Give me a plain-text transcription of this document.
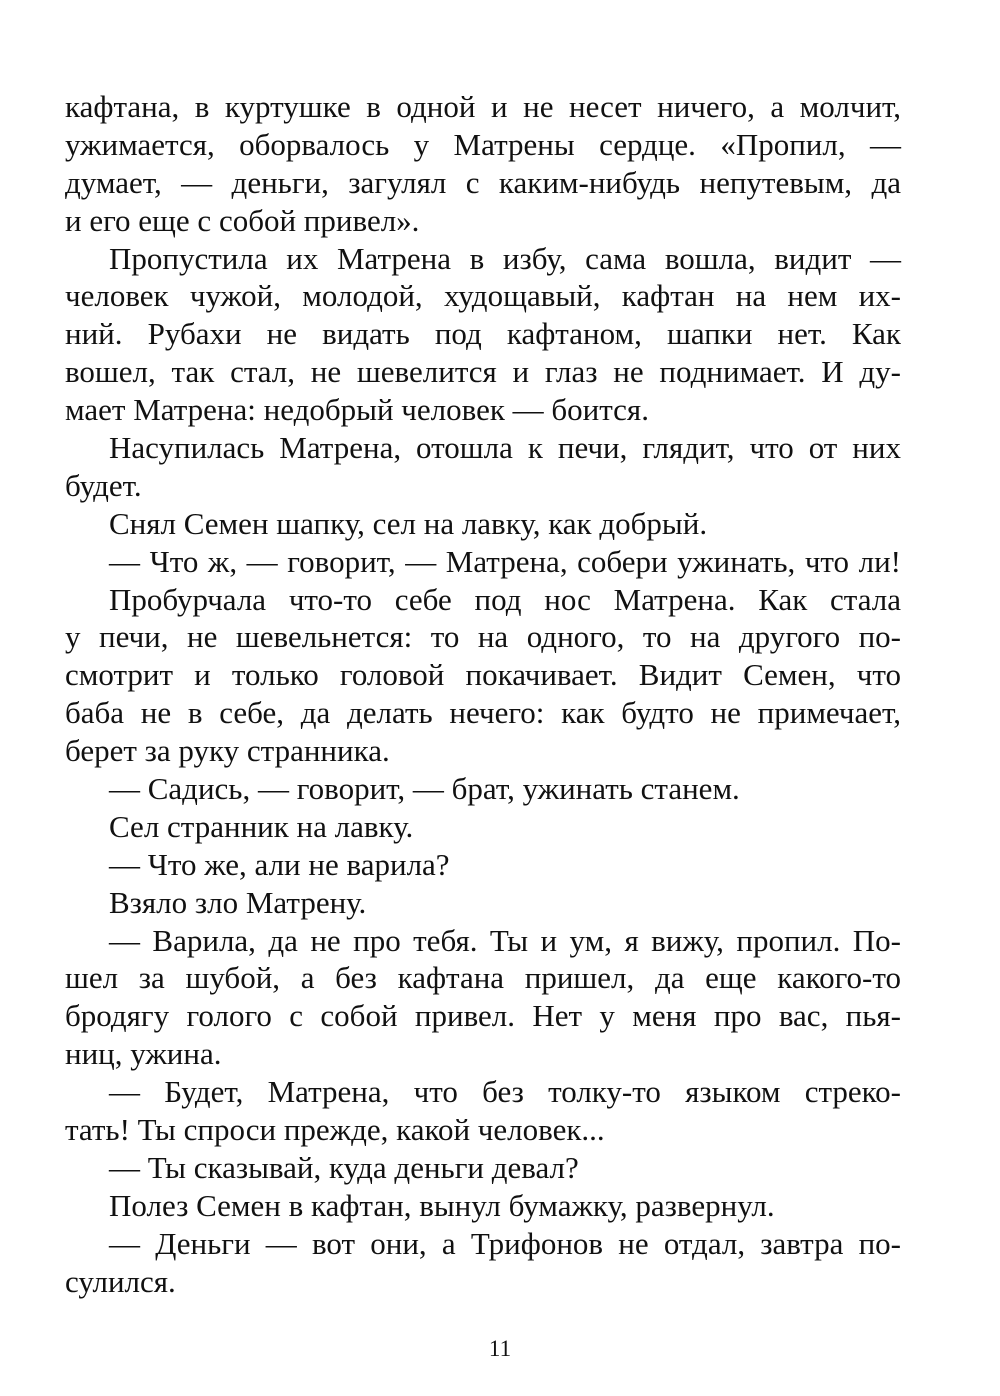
кафтана, в куртушке в одной и не несет ничего, а молчит,
ужимается, оборвалось у Матрены сердце. «Пропил, —
думает, — деньги, загулял с каким-нибудь непутевым, да
и его еще с собой привел».
Пропустила их Матрена в избу, сама вошла, видит —
человек чужой, молодой, худощавый, кафтан на нем их-
ний. Рубахи не видать под кафтаном, шапки нет. Как
вошел, так стал, не шевелится и глаз не поднимает. И ду-
мает Матрена: недобрый человек — боится.
Насупилась Матрена, отошла к печи, глядит, что от них
будет.
Снял Семен шапку, сел на лавку, как добрый.
— Что ж, — говорит, — Матрена, собери ужинать, что ли!
Пробурчала что-то себе под нос Матрена. Как стала
у печи, не шевельнется: то на одного, то на другого по-
смотрит и только головой покачивает. Видит Семен, что
баба не в себе, да делать нечего: как будто не примечает,
берет за руку странника.
— Садись, — говорит, — брат, ужинать станем.
Сел странник на лавку.
— Что же, али не варила?
Взяло зло Матрену.
— Варила, да не про тебя. Ты и ум, я вижу, пропил. По-
шел за шубой, а без кафтана пришел, да еще какого-то
бродягу голого с собой привел. Нет у меня про вас, пья-
ниц, ужина.
— Будет, Матрена, что без толку-то языком стреко-
тать! Ты спроси прежде, какой человек...
— Ты сказывай, куда деньги девал?
Полез Семен в кафтан, вынул бумажку, развернул.
— Деньги — вот они, а Трифонов не отдал, завтра по-
сулился.
11
